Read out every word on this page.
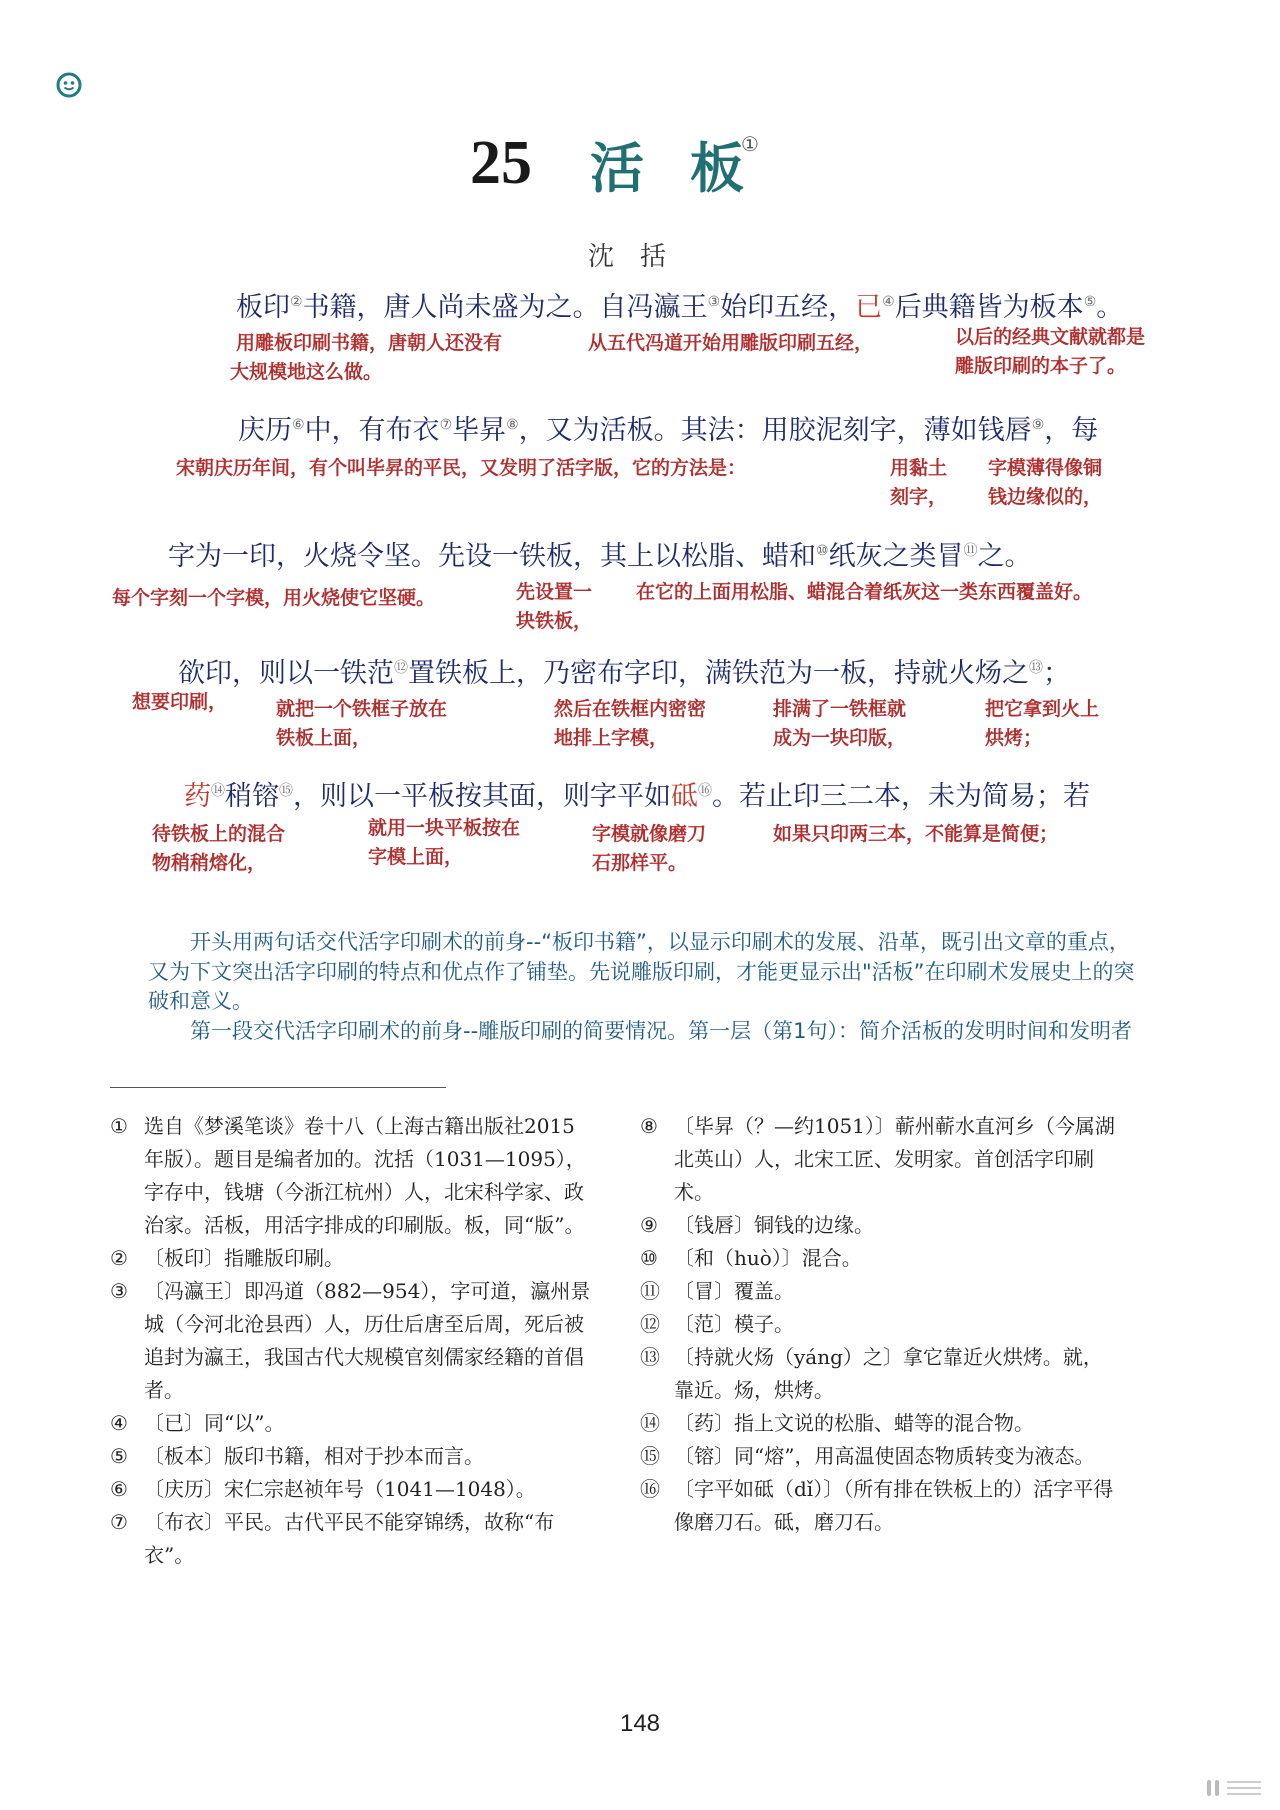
25 活 板
①
沈　括
板印②书籍，唐人尚未盛为之。自冯瀛王③始印五经，已④后典籍皆为板本⑤。
用雕板印刷书籍，唐朝人还没有
大规模地这么做。
从五代冯道开始用雕版印刷五经，	以后的经典文献就都是
雕版印刷的本子了。
庆历⑥中，有布衣⑦毕昇⑧，又为活板。其法：用胶泥刻字，薄如钱唇⑨，每
宋朝庆历年间，有个叫毕昇的平民，又发明了活字版，它的方法是：	用黏土
刻字，
字模薄得像铜
钱边缘似的，
字为一印，火烧令坚。先设一铁板，其上以松脂、蜡和⑩纸灰之类冒⑪之。
每个字刻一个字模，用火烧使它坚硬。	先设置一
块铁板，
在它的上面用松脂、蜡混合着纸灰这一类东西覆盖好。
欲印，则以一铁范⑫置铁板上，乃密布字印，满铁范为一板，持就火炀之⑬；
想要印刷，	就把一个铁框子放在
铁板上面，
然后在铁框内密密
地排上字模，
排满了一铁框就
成为一块印版，
把它拿到火上
烘烤；
药⑭稍镕⑮，则以一平板按其面，则字平如砥⑯。若止印三二本，未为简易；若
待铁板上的混合
物稍稍熔化，
就用一块平板按在
字模上面，
字模就像磨刀
石那样平。
如果只印两三本，不能算是简便；

开头用两句话交代活字印刷术的前身--“板印书籍”，以显示印刷术的发展、沿革，既引出文章的重点，又为下文突出活字印刷的特点和优点作了铺垫。先说雕版印刷，才能更显示出"活板”在印刷术发展史上的突破和意义。

第一段交代活字印刷术的前身--雕版印刷的简要情况。第一层（第1句）：简介活板的发明时间和发明者

① 选自《梦溪笔谈》卷十八（上海古籍出版社2015年版）。题目是编者加的。沈括（1031—1095），字存中，钱塘（今浙江杭州）人，北宋科学家、政治家。活板，用活字排成的印刷版。板，同“版”。
② 〔板印〕指雕版印刷。
③ 〔冯瀛王〕即冯道（882—954），字可道，瀛州景城（今河北沧县西）人，历仕后唐至后周，死后被追封为瀛王，我国古代大规模官刻儒家经籍的首倡者。
④ 〔已〕同“以”。
⑤ 〔板本〕版印书籍，相对于抄本而言。
⑥ 〔庆历〕宋仁宗赵祯年号（1041—1048）。
⑦ 〔布衣〕平民。古代平民不能穿锦绣，故称“布衣”。
⑧ 〔毕昇（？—约1051）〕蕲州蕲水直河乡（今属湖北英山）人，北宋工匠、发明家。首创活字印刷术。
⑨ 〔钱唇〕铜钱的边缘。
⑩ 〔和（huò）〕混合。
⑪ 〔冒〕覆盖。
⑫ 〔范〕模子。
⑬ 〔持就火炀（yáng）之〕拿它靠近火烘烤。就，靠近。炀，烘烤。
⑭ 〔药〕指上文说的松脂、蜡等的混合物。
⑮ 〔镕〕同“熔”，用高温使固态物质转变为液态。
⑯ 〔字平如砥（dǐ）〕（所有排在铁板上的）活字平得像磨刀石。砥，磨刀石。
148
